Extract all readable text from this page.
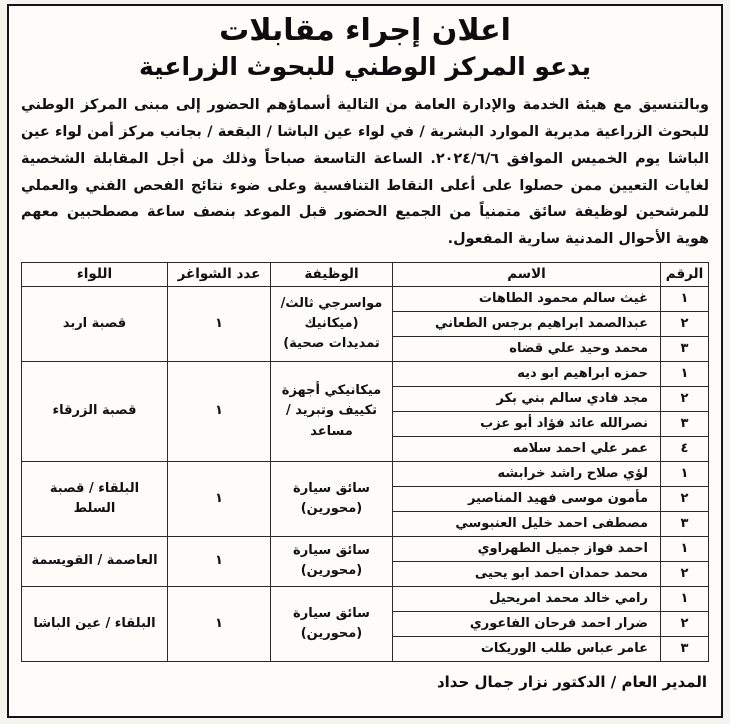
اعلان إجراء مقابلات
يدعو المركز الوطني للبحوث الزراعية
وبالتنسيق مع هيئة الخدمة والإدارة العامة من التالية أسماؤهم الحضور إلى مبنى المركز الوطني للبحوث الزراعية مديرية الموارد البشرية / في لواء عين الباشا / البقعة / بجانب مركز أمن لواء عين الباشا يوم الخميس الموافق ٢٠٢٤/٦/٦. الساعة التاسعة صباحاً وذلك من أجل المقابلة الشخصية لغايات التعيين ممن حصلوا على أعلى النقاط التنافسية وعلى ضوء نتائج الفحص الفني والعملي للمرشحين لوظيفة سائق متمنياً من الجميع الحضور قبل الموعد بنصف ساعة مصطحبين معهم هوية الأحوال المدنية سارية المفعول.
الرقم	الاسم	الوظيفة	عدد الشواغر	اللواء
١	غيث سالم محمود الطاهات	مواسرجي ثالث/ (ميكانيك تمديدات صحية)	١	قصبة اربد
٢	عبدالصمد ابراهيم برجس الطعاني			
٣	محمد وحيد علي قضاه			
١	حمزه ابراهيم ابو ديه	ميكانيكي أجهزة تكييف وتبريد / مساعد	١	قصبة الزرقاء
٢	مجد فادي سالم بني بكر			
٣	نصرالله عائد فؤاد أبو عزب			
٤	عمر علي احمد سلامه			
١	لؤي صلاح راشد خرابشه	سائق سيارة (محورين)	١	البلقاء / قصبة السلط
٢	مأمون موسى فهيد المناصير			
٣	مصطفى احمد خليل العنبوسي			
١	احمد فواز جميل الطهراوي	سائق سيارة (محورين)	١	العاصمة / القويسمة
٢	محمد حمدان احمد ابو يحيى			
١	رامي خالد محمد امريحيل	سائق سيارة (محورين)	١	البلقاء / عين الباشا
٢	ضرار احمد فرحان الفاعوري			
٣	عامر عباس طلب الوريكات			
المدير العام / الدكتور نزار جمال حداد
